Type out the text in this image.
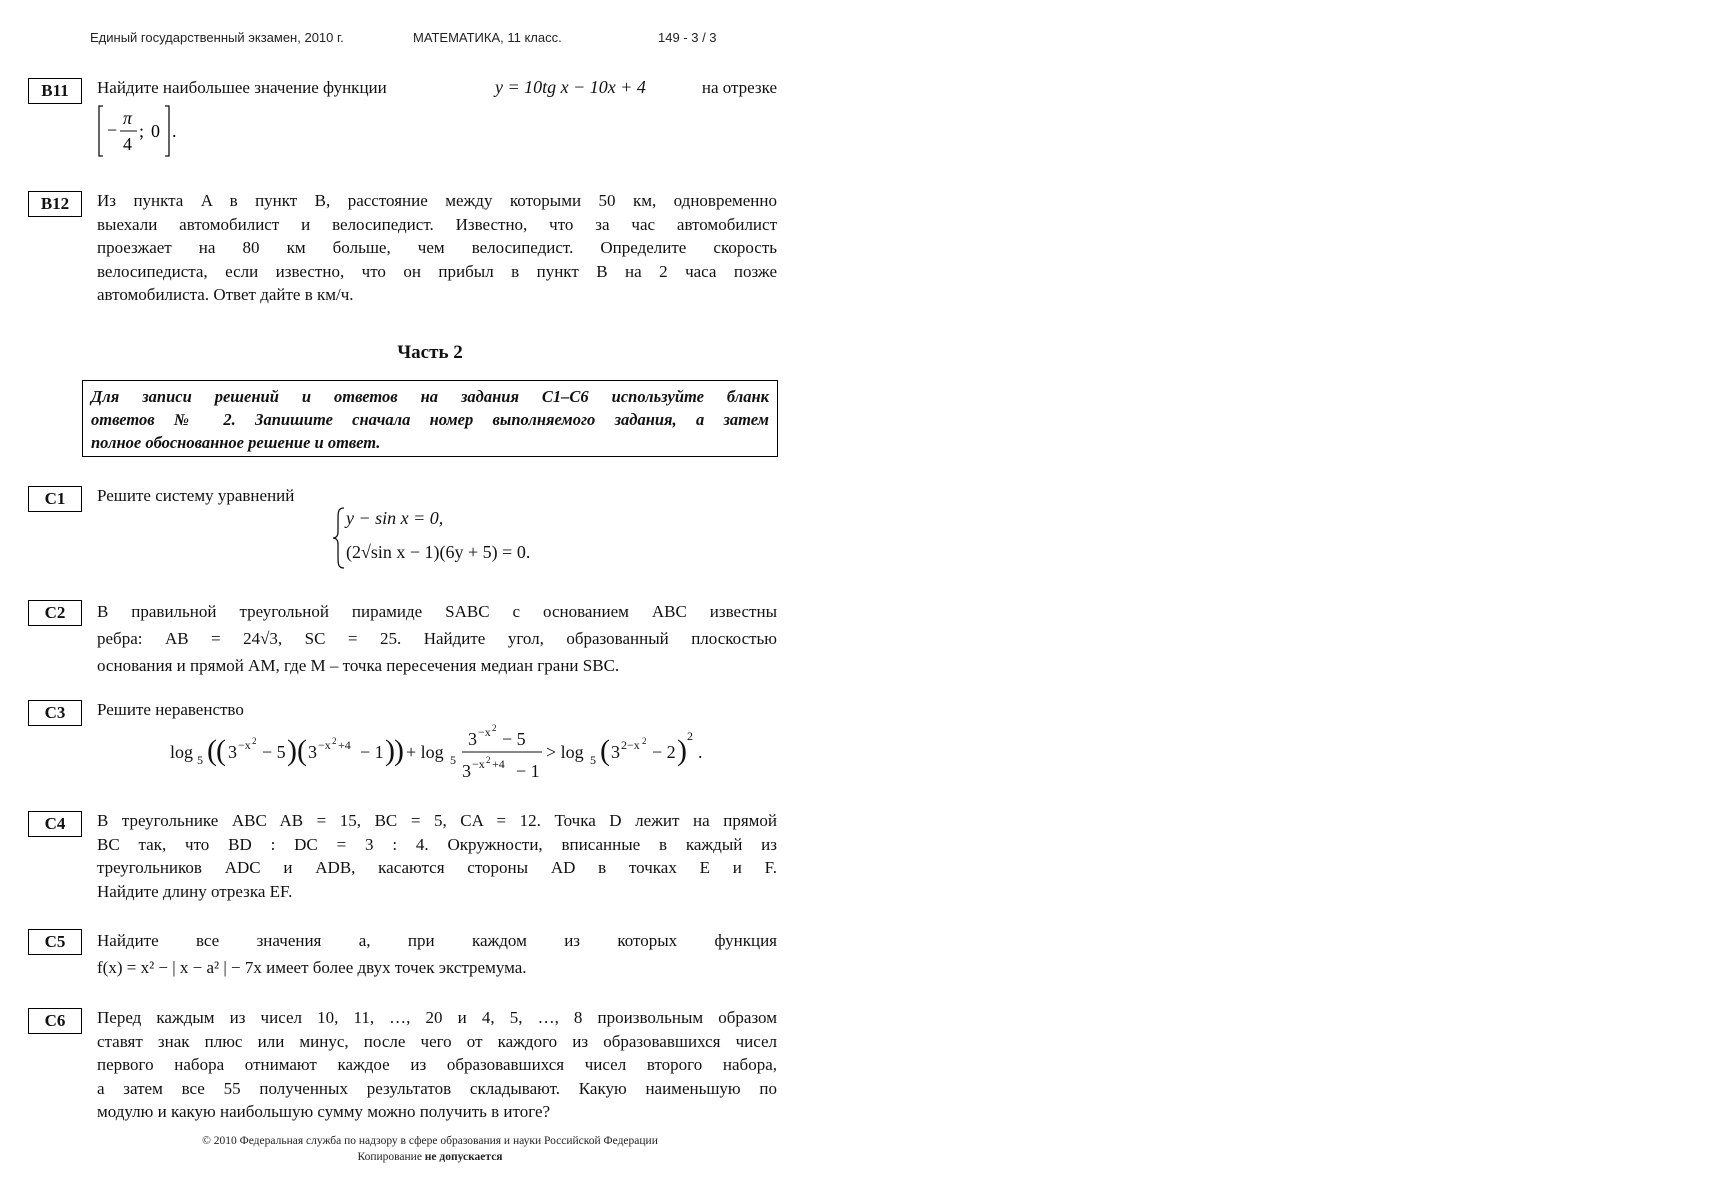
Единый государственный экзамен, 2010 г.	МАТЕМАТИКА, 11 класс.	149 - 3 / 3
B11	Найдите наибольшее значение функции	y = 10tg x − 10x + 4	на отрезке
−
π
4
; 0 .
B12	Из пункта A в пункт B, расстояние между которыми 50 км, одновременно
выехали автомобилист и велосипедист. Известно, что за час автомобилист
проезжает на 80 км больше, чем велосипедист. Определите скорость
велосипедиста, если известно, что он прибыл в пункт B на 2 часа позже
автомобилиста. Ответ дайте в км/ч.
Часть 2
Для записи решений и ответов на задания С1–С6 используйте бланк
ответов № 2. Запишите сначала номер выполняемого задания, а затем
полное обоснованное решение и ответ.
C1	Решите систему уравнений
y − sin x = 0,
(2√sin x − 1)(6y + 5) = 0.
C2	В правильной треугольной пирамиде SABC с основанием ABC известны
ребра: AB = 24√3, SC = 25. Найдите угол, образованный плоскостью
основания и прямой AM, где M – точка пересечения медиан грани SBC.
C3	Решите неравенство
log 5 ( ( 3 −x 2
− 5 ) ( 3 −x 2 +4 − 1 ) ) + log 5
3 −x 2
− 5
3 −x 2 +4 − 1
> log 5 ( 3 2−x 2
− 2 ) 2
.
C4	В треугольнике ABC AB = 15, BC = 5, CA = 12. Точка D лежит на прямой
BC так, что BD : DC = 3 : 4. Окружности, вписанные в каждый из
треугольников ADC и ADB, касаются стороны AD в точках E и F.
Найдите длину отрезка EF.
C5	Найдите все значения a, при каждом из которых функция
f(x) = x² − | x − a² | − 7x имеет более двух точек экстремума.
C6	Перед каждым из чисел 10, 11, …, 20 и 4, 5, …, 8 произвольным образом
ставят знак плюс или минус, после чего от каждого из образовавшихся чисел
первого набора отнимают каждое из образовавшихся чисел второго набора,
а затем все 55 полученных результатов складывают. Какую наименьшую по
модулю и какую наибольшую сумму можно получить в итоге?
© 2010 Федеральная служба по надзору в сфере образования и науки Российской Федерации
Копирование не допускается
